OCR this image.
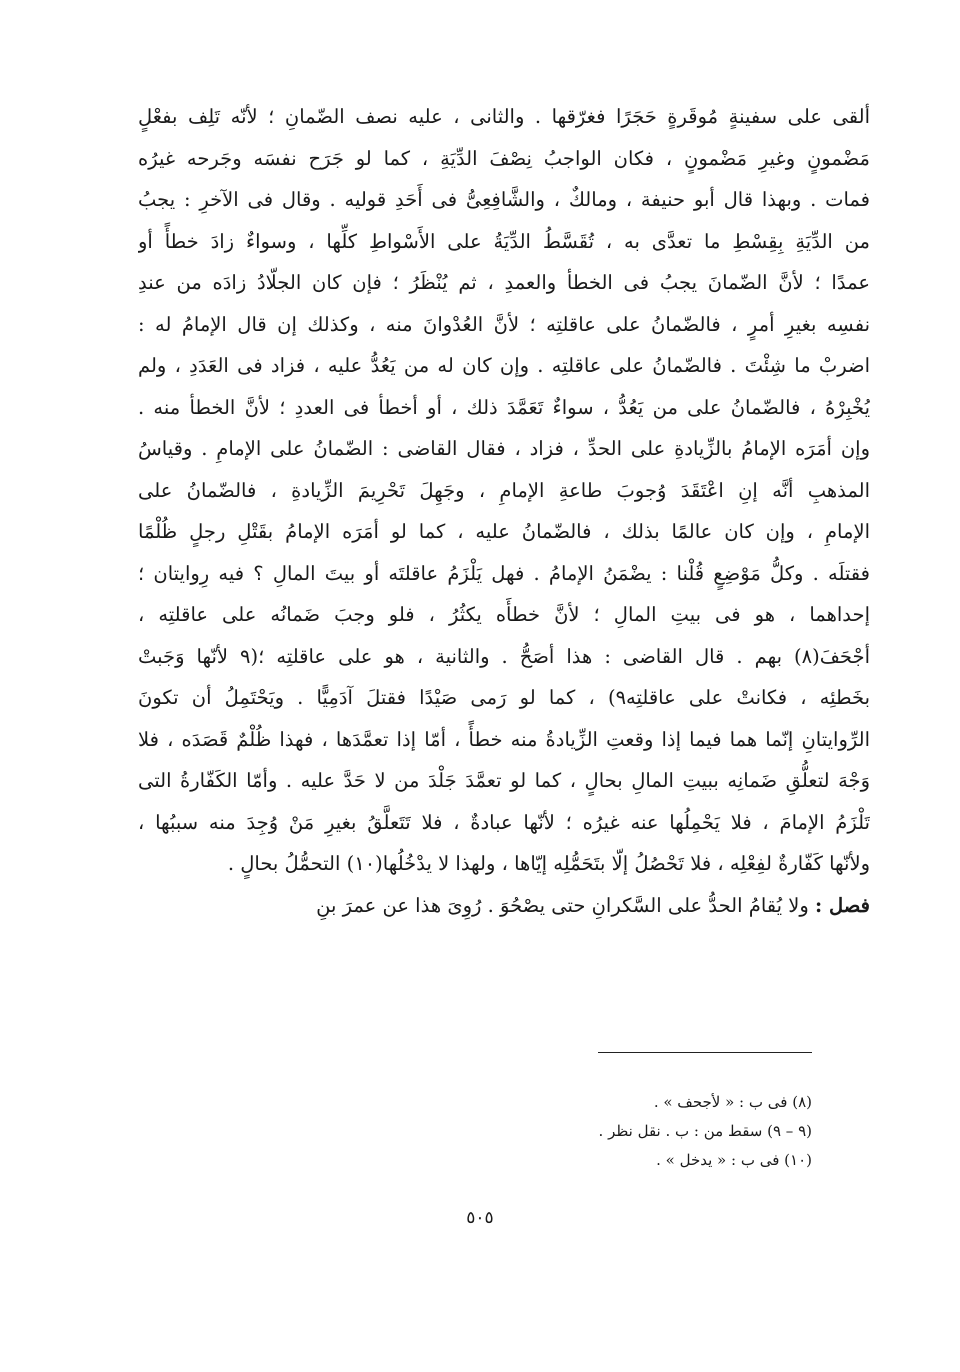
ألقى على سفينةٍ مُوقَرةٍ حَجَرًا فغرّقها . والثانى ، عليه نصف الضّمانِ ؛ لأنّه تَلِف بفعْلٍ
مَضْمونٍ وغيرِ مَضْمونٍ ، فكان الواجبُ نِصْفَ الدِّيَةِ ، كما لو جَرَح نفسَه وجَرحه غيرُه
فمات . وبهذا قال أبو حنيفة ، ومالكٌ ، والشَّافِعِىُّ فى أَحَدِ قوليه . وقال فى الآخرِ : يجبُ
من الدِّيَةِ بِقِسْطِ ما تعدَّى به ، تُقَسَّطُ الدِّيَةُ على الأَسْواطِ كلِّها ، وسواءٌ زادَ خطأً أو
عمدًا ؛ لأنَّ الضّمانَ يجبُ فى الخطأ والعمدِ ، ثم يُنْظَرُ ؛ فإن كان الجلّادُ زادَه من عندِ
نفسِه بغيرِ أمرٍ ، فالضّمانُ على عاقلتِه ؛ لأنَّ العُدْوانَ منه ، وكذلك إن قال الإمامُ له :
اضربْ ما شِئْتَ . فالضّمانُ على عاقلتِه . وإن كان له من يَعُدُّ عليه ، فزاد فى العَدَدِ ، ولم
يُخْبِرْهُ ، فالضّمانُ على من يَعُدُّ ، سواءٌ تَعَمَّدَ ذلك ، أو أخطأ فى العددِ ؛ لأنَّ الخطأ منه .
وإن أمَرَه الإمامُ بالزِّيادةِ على الحدِّ ، فزاد ، فقال القاضى : الضّمانُ على الإمامِ . وقياسُ
المذهبِ أنَّه إنِ اعْتَقَدَ وُجوبَ طاعةِ الإمامِ ، وجَهِلَ تَحْرِيمَ الزِّيادةِ ، فالضّمانُ على
الإمامِ ، وإن كان عالمًا بذلك ، فالضّمانُ عليه ، كما لو أمَرَه الإمامُ بقَتْلِ رجلٍ ظُلْمًا
فقتلَه . وكلُّ مَوْضِعٍ قُلْنا : يضْمَنُ الإمامُ . فهل يَلْزَمُ عاقلتَه أو بيتَ المالِ ؟ فيه رِوايتان ؛
إحداهما ، هو فى بيتِ المالِ ؛ لأنَّ خطأَه يكثُرُ ، فلو وجبَ ضَمانُه على عاقلتِه ،
أجْحَفَ(٨) بهم . قال القاضى : هذا أصَحُّ . والثانية ، هو على عاقلتِه ؛(٩ لأنّها وَجَبتْ
بخَطئِه ، فكانتْ على عاقلتِه٩) ، كما لو رَمى صَيْدًا فقتلَ آدَمِيًّا . ويَحْتَمِلُ أن تكونَ
الرِّوايتانِ إنّما هما فيما إذا وقعتِ الزِّيادةُ منه خطأً ، أمّا إذا تعمَّدَها ، فهذا ظُلْمٌ قَصَدَه ، فلا
وَجْهَ لتعلُّقِ ضَمانِه ببيتِ المالِ بحالٍ ، كما لو تعمَّدَ جَلْدَ من لا حَدَّ عليه . وأمّا الكَفّارةُ التى
تَلْزَمُ الإمامَ ، فلا يَحْمِلُها عنه غيرُه ؛ لأنّها عبادةٌ ، فلا تَتَعلَّقُ بغيرِ مَنْ وُجِدَ منه سببُها ،
ولأنّها كَفّارةٌ لفِعْلِه ، فلا تَحْصُلُ إلّا بتَحَمُّلِه إيّاها ، ولهذا لا يدْخُلُها(١٠) التحمُّلُ بحالٍ .
فصل : ولا يُقامُ الحدُّ على السَّكرانِ حتى يصْحُوَ . رُوِىَ هذا عن عمرَ بنِ
(٨) فى ب : « لأجحف » .
(٩ – ٩) سقط من : ب . نقل نظر .
(١٠) فى ب : « يدخل » .
٥٠٥
